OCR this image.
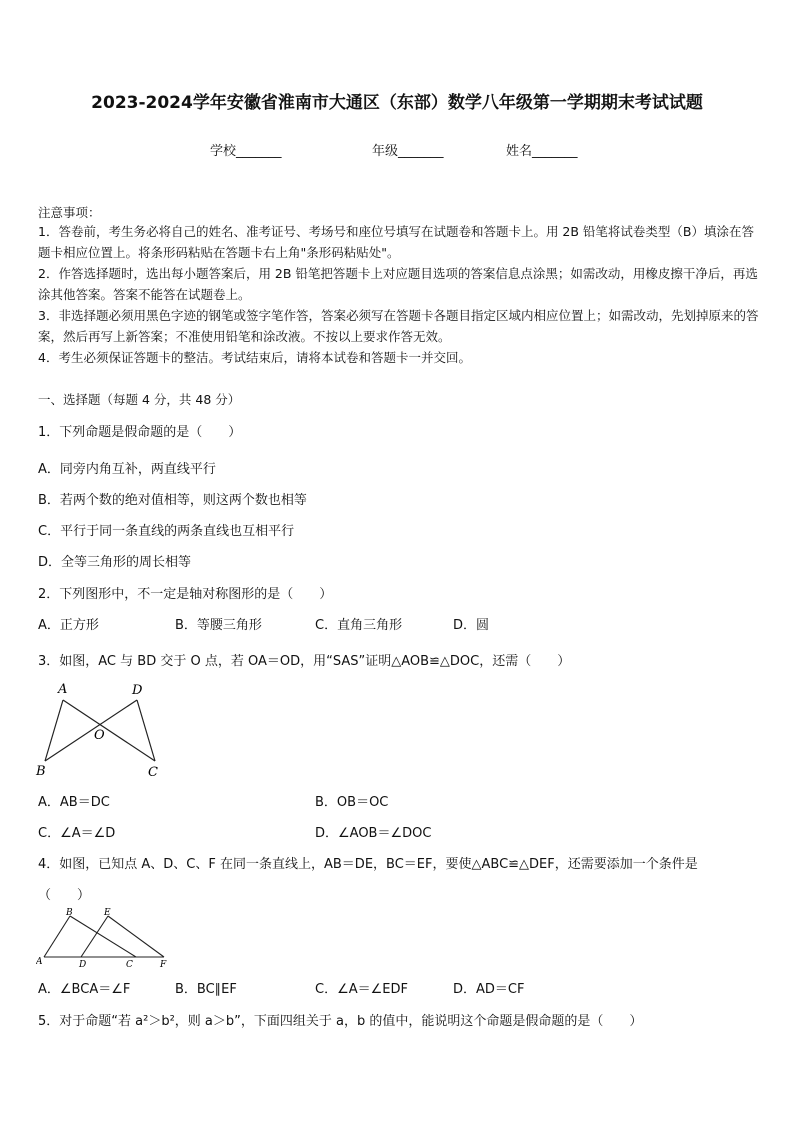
2023-2024学年安徽省淮南市大通区（东部）数学八年级第一学期期末考试试题
学校_______	年级_______	姓名_______
注意事项：
1．答卷前，考生务必将自己的姓名、准考证号、考场号和座位号填写在试题卷和答题卡上。用 2B 铅笔将试卷类型（B）填涂在答题卡相应位置上。将条形码粘贴在答题卡右上角"条形码粘贴处"。
2．作答选择题时，选出每小题答案后，用 2B 铅笔把答题卡上对应题目选项的答案信息点涂黑；如需改动，用橡皮擦干净后，再选涂其他答案。答案不能答在试题卷上。
3．非选择题必须用黑色字迹的钢笔或签字笔作答，答案必须写在答题卡各题目指定区域内相应位置上；如需改动，先划掉原来的答案，然后再写上新答案；不准使用铅笔和涂改液。不按以上要求作答无效。
4．考生必须保证答题卡的整洁。考试结束后，请将本试卷和答题卡一并交回。
一、选择题（每题 4 分，共 48 分）
1．下列命题是假命题的是（　　）
A．同旁内角互补，两直线平行
B．若两个数的绝对值相等，则这两个数也相等
C．平行于同一条直线的两条直线也互相平行
D．全等三角形的周长相等
2．下列图形中，不一定是轴对称图形的是（　　）
A．正方形	B．等腰三角形	C．直角三角形	D．圆
3．如图，AC 与 BD 交于 O 点，若 OA＝OD，用“SAS”证明△AOB≌△DOC，还需（　　）
A	D
O
B	C
A．AB＝DC	B．OB＝OC
C．∠A＝∠D	D．∠AOB＝∠DOC
4．如图，已知点 A、D、C、F 在同一条直线上，AB＝DE，BC＝EF，要使△ABC≌△DEF，还需要添加一个条件是
（　　）
B	E
A	D	C	F
A．∠BCA＝∠F	B．BC∥EF	C．∠A＝∠EDF	D．AD＝CF
5．对于命题“若 a²＞b²，则 a＞b”，下面四组关于 a，b 的值中，能说明这个命题是假命题的是（　　）
